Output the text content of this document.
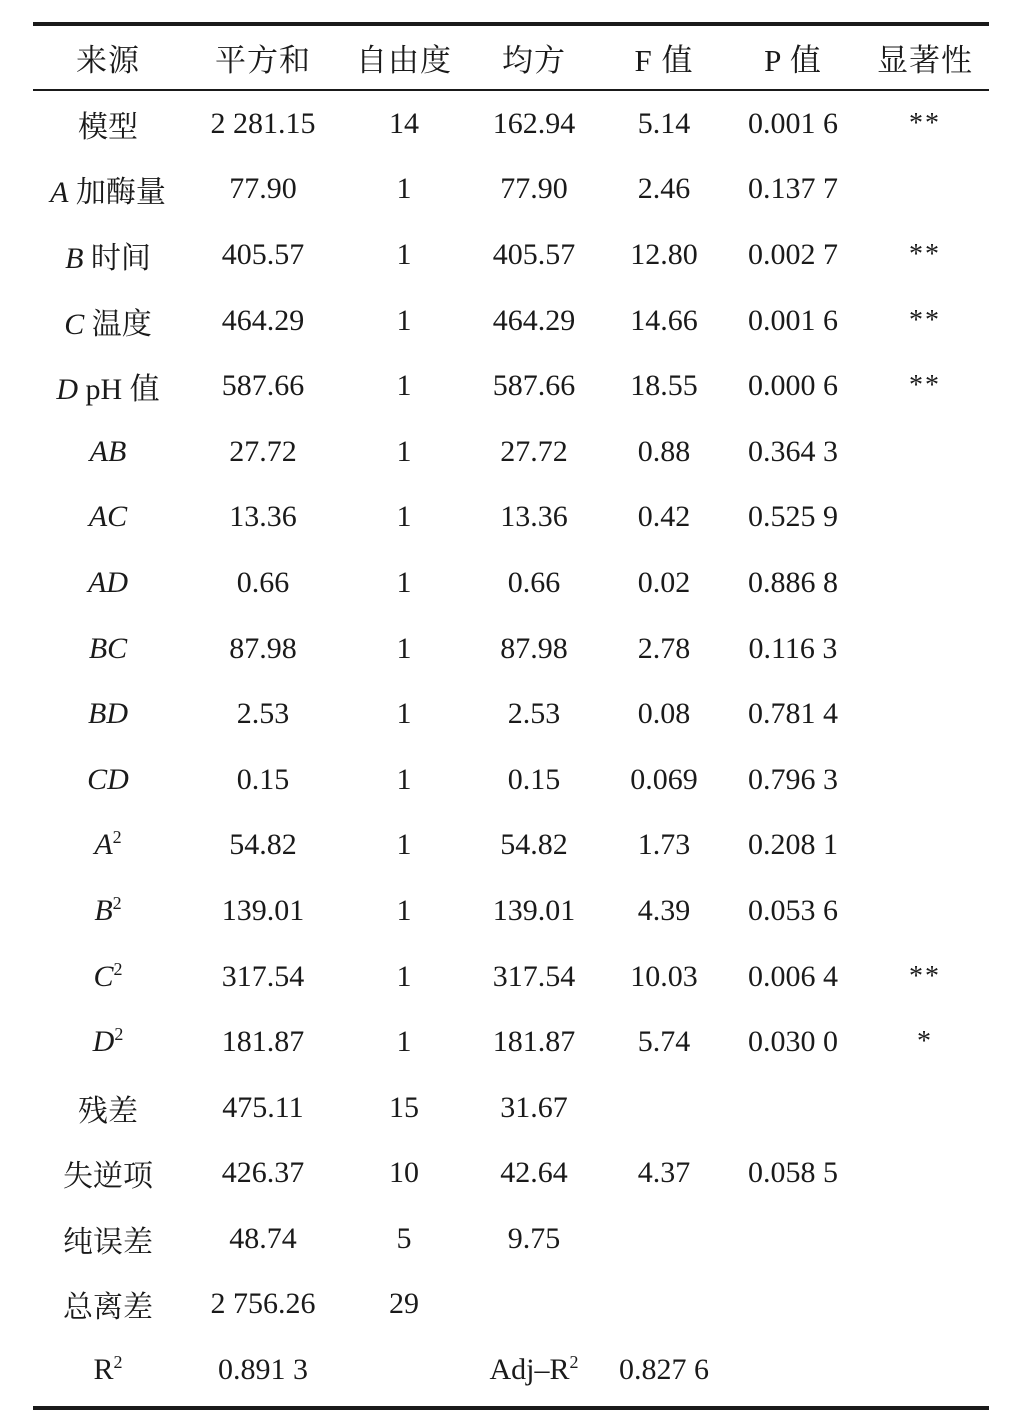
来源	平方和	自由度	均方	F 值	P 值	显著性
模型	2 281.15	14	162.94	5.14	0.001 6	**
A 加酶量	77.90	1	77.90	2.46	0.137 7	
B 时间	405.57	1	405.57	12.80	0.002 7	**
C 温度	464.29	1	464.29	14.66	0.001 6	**
D pH 值	587.66	1	587.66	18.55	0.000 6	**
AB	27.72	1	27.72	0.88	0.364 3	
AC	13.36	1	13.36	0.42	0.525 9	
AD	0.66	1	0.66	0.02	0.886 8	
BC	87.98	1	87.98	2.78	0.116 3	
BD	2.53	1	2.53	0.08	0.781 4	
CD	0.15	1	0.15	0.069	0.796 3	
$A^2$	54.82	1	54.82	1.73	0.208 1	
$B^2$	139.01	1	139.01	4.39	0.053 6	
$C^2$	317.54	1	317.54	10.03	0.006 4	**
$D^2$	181.87	1	181.87	5.74	0.030 0	*
残差	475.11	15	31.67			
失逆项	426.37	10	42.64	4.37	0.058 5	
纯误差	48.74	5	9.75			
总离差	2 756.26	29				
$R^2$	0.891 3		Adj–$R^2$	0.827 6		
